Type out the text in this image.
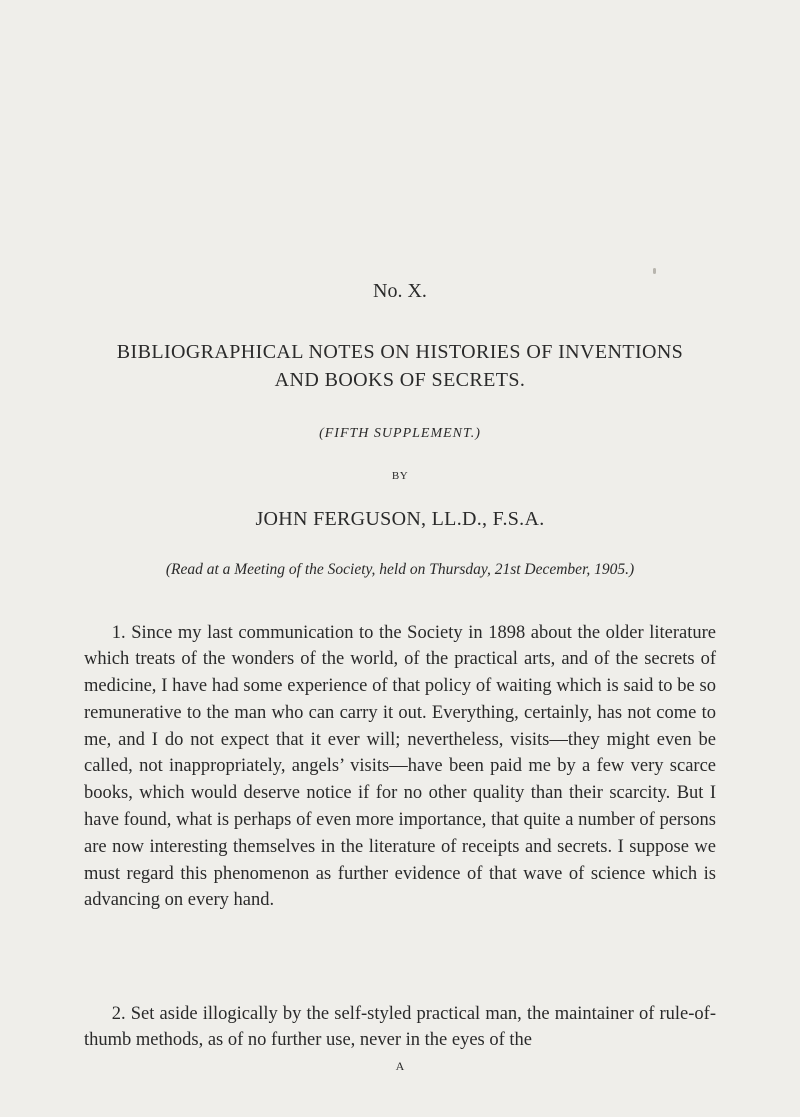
No. X.
BIBLIOGRAPHICAL NOTES ON HISTORIES OF INVENTIONS
AND BOOKS OF SECRETS.
(FIFTH SUPPLEMENT.)
BY
JOHN FERGUSON, LL.D., F.S.A.
(Read at a Meeting of the Society, held on Thursday, 21st December, 1905.)

1. Since my last communication to the Society in 1898 about the older literature which treats of the wonders of the world, of the practical arts, and of the secrets of medicine, I have had some experience of that policy of waiting which is said to be so remunerative to the man who can carry it out. Everything, certainly, has not come to me, and I do not expect that it ever will; nevertheless, visits—they might even be called, not inappropriately, angels’ visits—have been paid me by a few very scarce books, which would deserve notice if for no other quality than their scarcity. But I have found, what is perhaps of even more importance, that quite a number of persons are now interesting themselves in the literature of receipts and secrets. I suppose we must regard this phenomenon as further evidence of that wave of science which is advancing on every hand.

2. Set aside illogically by the self-styled practical man, the maintainer of rule-of-thumb methods, as of no further use, never in the eyes of the

A
